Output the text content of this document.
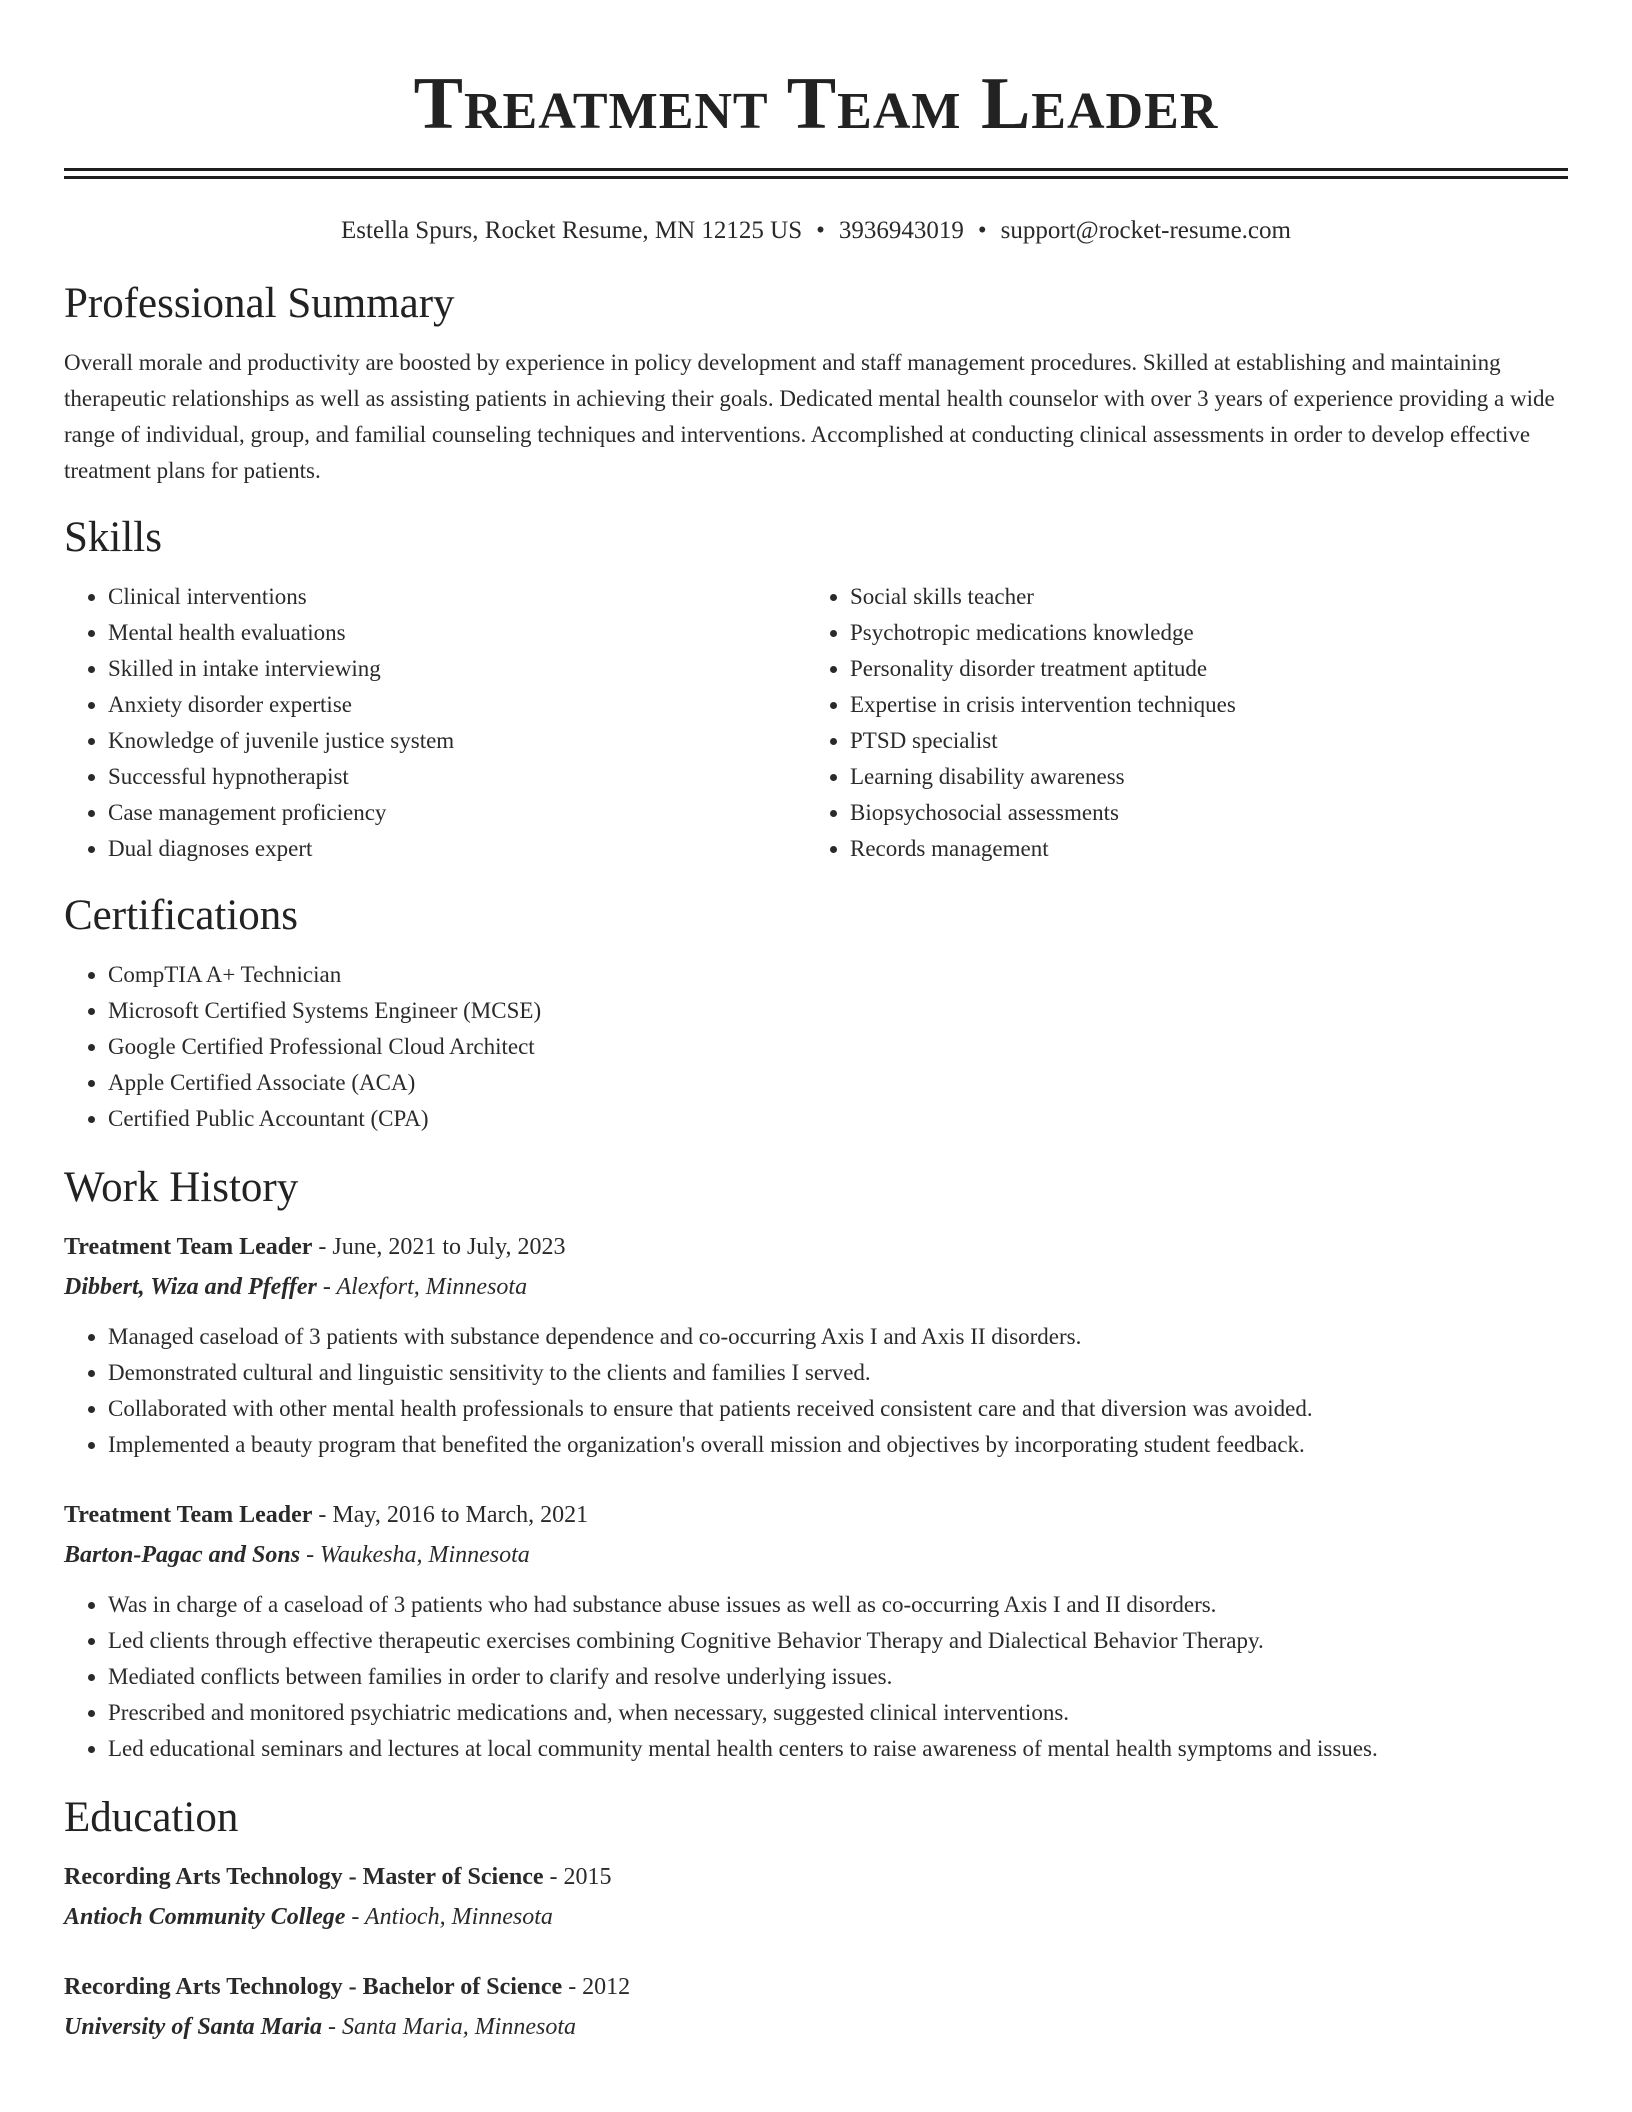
Treatment Team Leader
Estella Spurs, Rocket Resume, MN 12125 US • 3936943019 • support@rocket-resume.com
Professional Summary

Overall morale and productivity are boosted by experience in policy development and staff management procedures. Skilled at establishing and maintaining therapeutic relationships as well as assisting patients in achieving their goals. Dedicated mental health counselor with over 3 years of experience providing a wide range of individual, group, and familial counseling techniques and interventions. Accomplished at conducting clinical assessments in order to develop effective treatment plans for patients.

Skills
• Clinical interventions
• Mental health evaluations
• Skilled in intake interviewing
• Anxiety disorder expertise
• Knowledge of juvenile justice system
• Successful hypnotherapist
• Case management proficiency
• Dual diagnoses expert
• Social skills teacher
• Psychotropic medications knowledge
• Personality disorder treatment aptitude
• Expertise in crisis intervention techniques
• PTSD specialist
• Learning disability awareness
• Biopsychosocial assessments
• Records management
Certifications
• CompTIA A+ Technician
• Microsoft Certified Systems Engineer (MCSE)
• Google Certified Professional Cloud Architect
• Apple Certified Associate (ACA)
• Certified Public Accountant (CPA)
Work History
Treatment Team Leader - June, 2021 to July, 2023
Dibbert, Wiza and Pfeffer - Alexfort, Minnesota
• Managed caseload of 3 patients with substance dependence and co-occurring Axis I and Axis II disorders.
• Demonstrated cultural and linguistic sensitivity to the clients and families I served.
• Collaborated with other mental health professionals to ensure that patients received consistent care and that diversion was avoided.
• Implemented a beauty program that benefited the organization's overall mission and objectives by incorporating student feedback.
Treatment Team Leader - May, 2016 to March, 2021
Barton-Pagac and Sons - Waukesha, Minnesota
• Was in charge of a caseload of 3 patients who had substance abuse issues as well as co-occurring Axis I and II disorders.
• Led clients through effective therapeutic exercises combining Cognitive Behavior Therapy and Dialectical Behavior Therapy.
• Mediated conflicts between families in order to clarify and resolve underlying issues.
• Prescribed and monitored psychiatric medications and, when necessary, suggested clinical interventions.
• Led educational seminars and lectures at local community mental health centers to raise awareness of mental health symptoms and issues.
Education
Recording Arts Technology - Master of Science - 2015
Antioch Community College - Antioch, Minnesota
Recording Arts Technology - Bachelor of Science - 2012
University of Santa Maria - Santa Maria, Minnesota
